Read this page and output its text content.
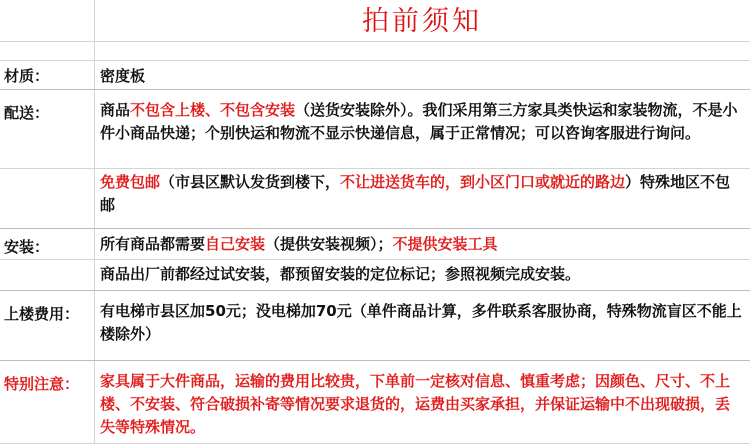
拍前须知
材质：	密度板
配送：	商品不包含上楼、不包含安装（送货安装除外）。我们采用第三方家具类快运和家装物流，不是小件小商品快递；个别快运和物流不显示快递信息，属于正常情况；可以咨询客服进行询问。
免费包邮（市县区默认发货到楼下，不让进送货车的，到小区门口或就近的路边）特殊地区不包邮
安装：	所有商品都需要自己安装（提供安装视频）；不提供安装工具
商品出厂前都经过试安装，都预留安装的定位标记；参照视频完成安装。
上楼费用： 有电梯市县区加50元；没电梯加70元（单件商品计算，多件联系客服协商，特殊物流盲区不能上楼除外）
特别注意： 家具属于大件商品，运输的费用比较贵，下单前一定核对信息、慎重考虑；因颜色、尺寸、不上楼、不安装、符合破损补寄等情况要求退货的，运费由买家承担，并保证运输中不出现破损，丢失等特殊情况。
